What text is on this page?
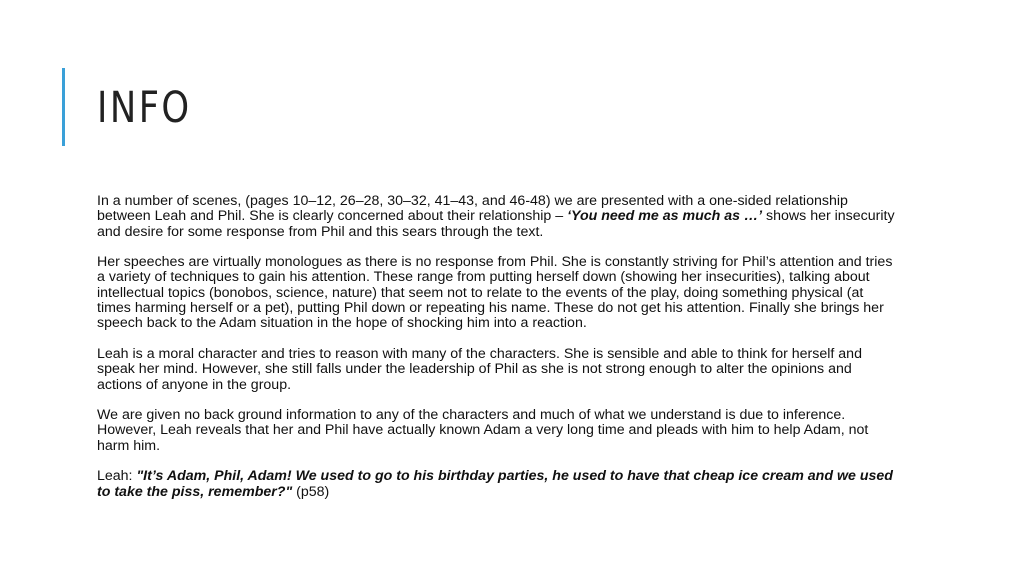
INFO

In a number of scenes, (pages 10–12, 26–28, 30–32, 41–43, and 46-48) we are presented with a one-sided relationship between Leah and Phil. She is clearly concerned about their relationship – ‘You need me as much as …’ shows her insecurity and desire for some response from Phil and this sears through the text.

Her speeches are virtually monologues as there is no response from Phil. She is constantly striving for Phil’s attention and tries a variety of techniques to gain his attention. These range from putting herself down (showing her insecurities), talking about intellectual topics (bonobos, science, nature) that seem not to relate to the events of the play, doing something physical (at times harming herself or a pet), putting Phil down or repeating his name. These do not get his attention. Finally she brings her speech back to the Adam situation in the hope of shocking him into a reaction.

Leah is a moral character and tries to reason with many of the characters. She is sensible and able to think for herself and speak her mind. However, she still falls under the leadership of Phil as she is not strong enough to alter the opinions and actions of anyone in the group.

We are given no back ground information to any of the characters and much of what we understand is due to inference. However, Leah reveals that her and Phil have actually known Adam a very long time and pleads with him to help Adam, not harm him.

Leah: "It’s Adam, Phil, Adam! We used to go to his birthday parties, he used to have that cheap ice cream and we used to take the piss, remember?" (p58)
